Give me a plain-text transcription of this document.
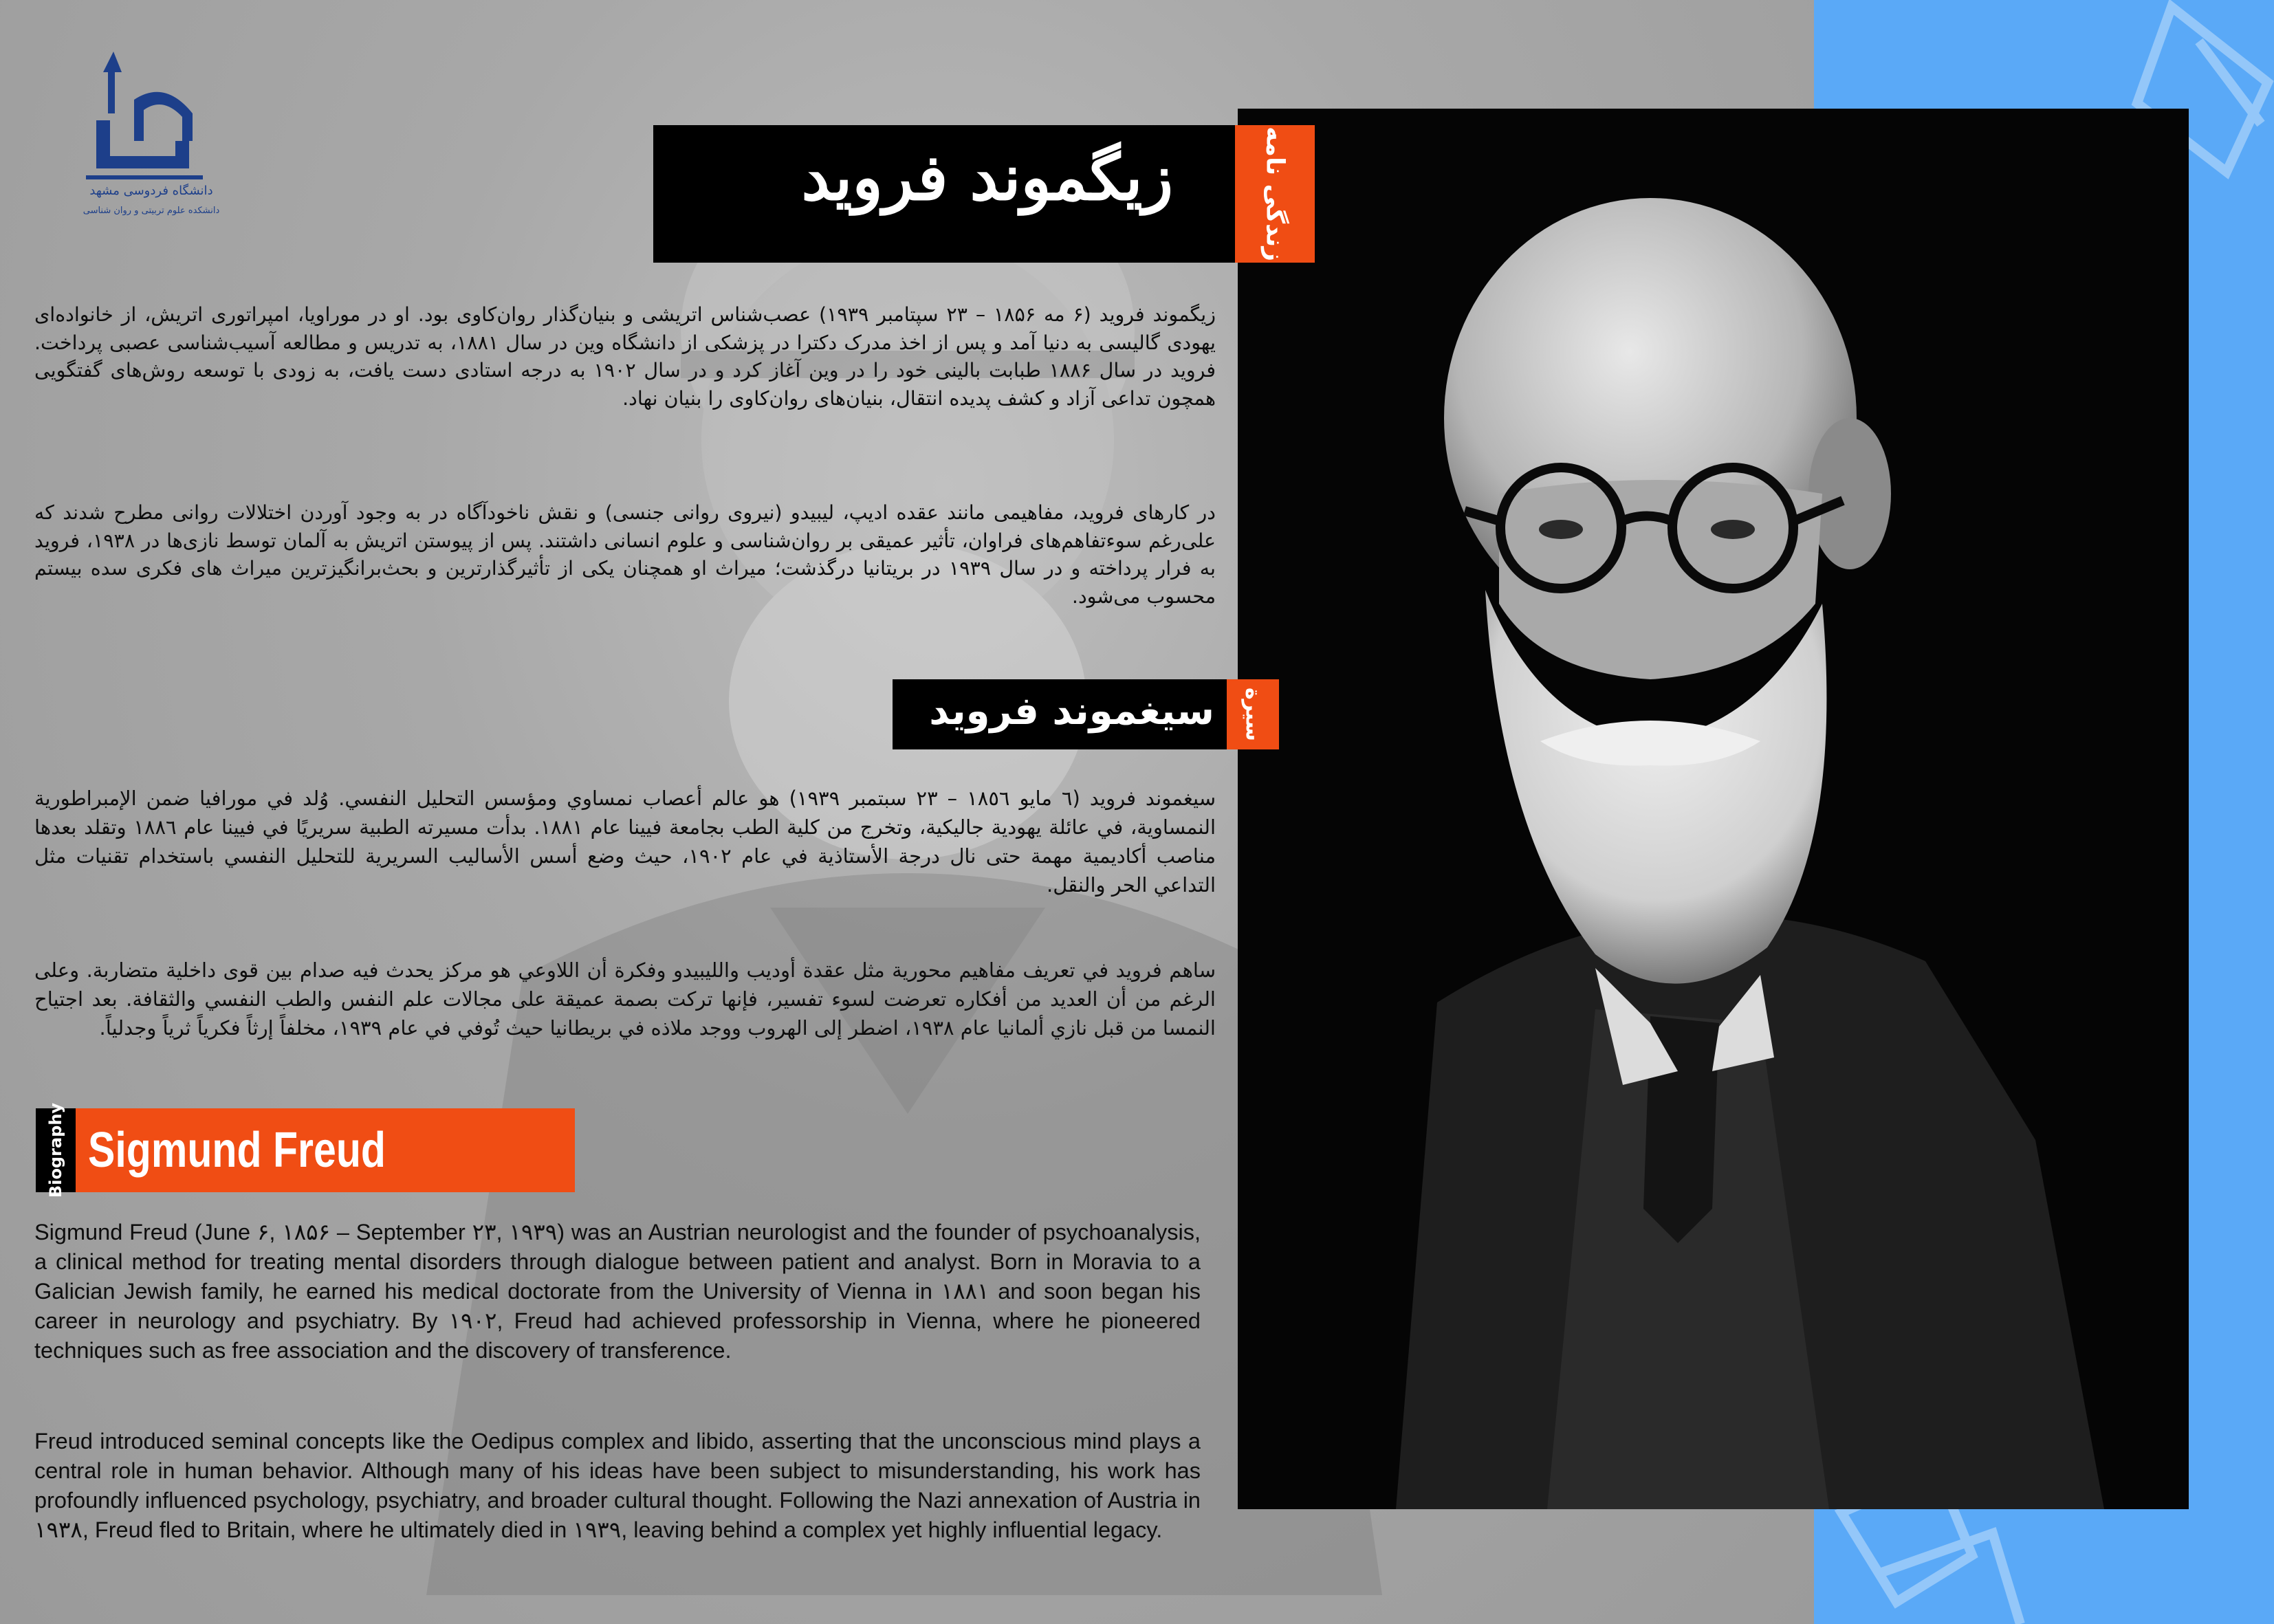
دانشگاه فردوسی مشهد
دانشکده علوم تربیتی و روان شناسی	زیگموند فروید	زندگی نامه
زیگموند فروید (۶ مه ۱۸۵۶ – ۲۳ سپتامبر ۱۹۳۹) عصب‌شناس اتریشی و بنیان‌گذار روان‌کاوی بود. او در موراویا، امپراتوری اتریش، از خانواده‌ای یهودی گالیسی به دنیا آمد و پس از اخذ مدرک دکترا در پزشکی از دانشگاه وین در سال ۱۸۸۱، به تدریس و مطالعه آسیب‌شناسی عصبی پرداخت. فروید در سال ۱۸۸۶ طبابت بالینی خود را در وین آغاز کرد و در سال ۱۹۰۲ به درجه استادی دست یافت، به زودی با توسعه روش‌های گفتگویی همچون تداعی آزاد و کشف پدیده انتقال، بنیان‌های روان‌کاوی را بنیان نهاد.
در کارهای فروید، مفاهیمی مانند عقده ادیپ، لیبیدو (نیروی روانی جنسی) و نقش ناخودآگاه در به وجود آوردن اختلالات روانی مطرح شدند که علی‌رغم سوء‌تفاهم‌های فراوان، تأثیر عمیقی بر روان‌شناسی و علوم انسانی داشتند. پس از پیوستن اتریش به آلمان توسط نازی‌ها در ۱۹۳۸، فروید به فرار پرداخته و در سال ۱۹۳۹ در بریتانیا درگذشت؛ میراث او همچنان یکی از تأثیرگذارترین و بحث‌برانگیزترین میراث های فکری سده بیستم محسوب می‌شود.
سيغموند فرويد سيرة
سيغموند فرويد (٦ مايو ١٨٥٦ – ٢٣ سبتمبر ١٩٣٩) هو عالم أعصاب نمساوي ومؤسس التحليل النفسي. وُلد في مورافيا ضمن الإمبراطورية النمساوية، في عائلة يهودية جاليكية، وتخرج من كلية الطب بجامعة فيينا عام ١٨٨١. بدأت مسيرته الطبية سريريًا في فيينا عام ١٨٨٦ وتقلد بعدها مناصب أكاديمية مهمة حتى نال درجة الأستاذية في عام ١٩٠٢، حيث وضع أسس الأساليب السريرية للتحليل النفسي باستخدام تقنيات مثل التداعي الحر والنقل.
ساهم فرويد في تعريف مفاهيم محورية مثل عقدة أوديب والليبيدو وفكرة أن اللاوعي هو مركز يحدث فيه صدام بين قوى داخلية متضاربة. وعلى الرغم من أن العديد من أفكاره تعرضت لسوء تفسير، فإنها تركت بصمة عميقة على مجالات علم النفس والطب النفسي والثقافة. بعد اجتياح النمسا من قبل نازي ألمانيا عام ١٩٣٨، اضطر إلى الهروب ووجد ملاذه في بريطانيا حيث تُوفي في عام ١٩٣٩، مخلفاً إرثاً فكرياً ثرياً وجدلياً.
Biography Sigmund Freud
Sigmund Freud (June ۶, ۱۸۵۶ – September ۲۳, ۱۹۳۹) was an Austrian neurologist and the founder of psychoanalysis, a clinical method for treating mental disorders through dialogue between patient and analyst. Born in Moravia to a Galician Jewish family, he earned his medical doctorate from the University of Vienna in ۱۸۸۱ and soon began his career in neurology and psychiatry. By ۱۹۰۲, Freud had achieved professorship in Vienna, where he pioneered techniques such as free association and the discovery of transference.
Freud introduced seminal concepts like the Oedipus complex and libido, asserting that the unconscious mind plays a central role in human behavior. Although many of his ideas have been subject to misunderstanding, his work has profoundly influenced psychology, psychiatry, and broader cultural thought. Following the Nazi annexation of Austria in ۱۹۳۸, Freud fled to Britain, where he ultimately died in ۱۹۳۹, leaving behind a complex yet highly influential legacy.
